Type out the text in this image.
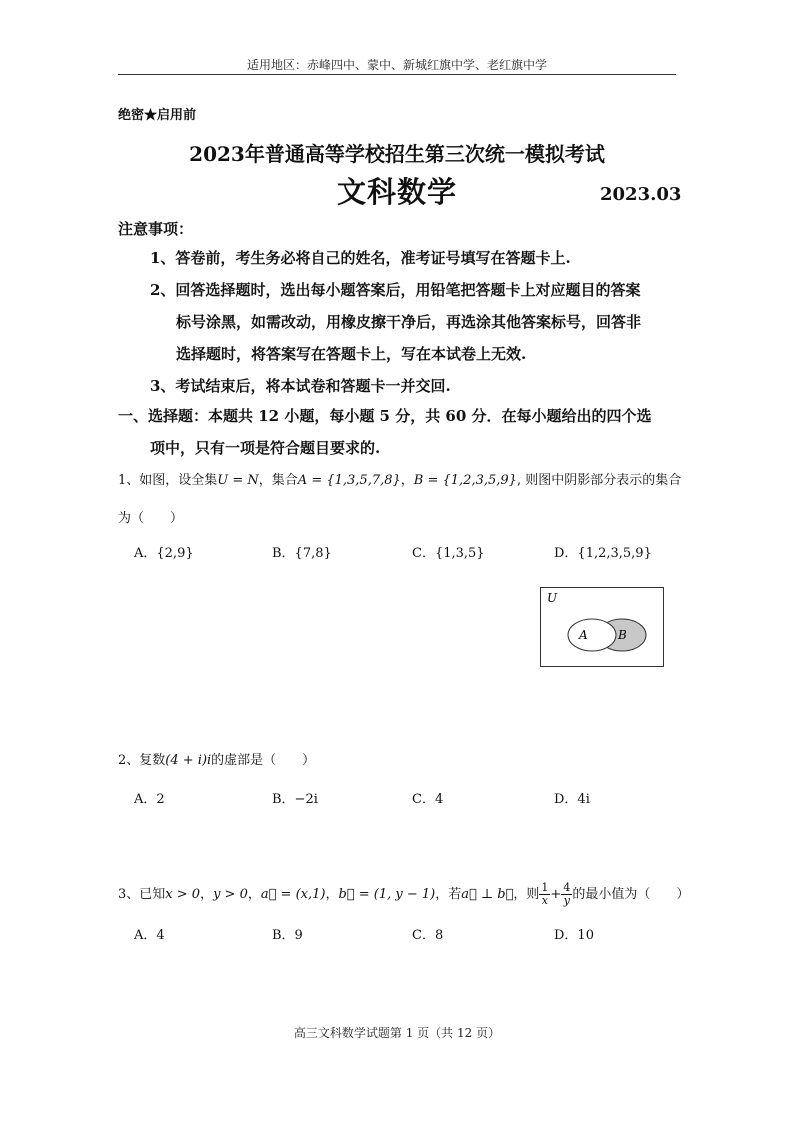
适用地区：赤峰四中、蒙中、新城红旗中学、老红旗中学
绝密★启用前
2023年普通高等学校招生第三次统一模拟考试
文科数学	2023.03
注意事项：
1、答卷前，考生务必将自己的姓名，准考证号填写在答题卡上.
2、回答选择题时，选出每小题答案后，用铅笔把答题卡上对应题目的答案
标号涂黑，如需改动，用橡皮擦干净后，再选涂其他答案标号，回答非
选择题时，将答案写在答题卡上，写在本试卷上无效.
3、考试结束后，将本试卷和答题卡一并交回.
一、选择题：本题共 12 小题，每小题 5 分，共 60 分．在每小题给出的四个选
项中，只有一项是符合题目要求的.
1、如图，设全集U = N，集合A = {1,3,5,7,8}，B = {1,2,3,5,9}, 则图中阴影部分表示的集合
为（　　）
A．{2,9}	B．{7,8}	C．{1,3,5}	D．{1,2,3,5,9}
U
A	B
2、复数(4 + i)i的虚部是（　　）
A．2	B．−2i	C．4	D．4i
3、已知x > 0，y > 0，a⃗ = (x,1)，b⃗ = (1, y − 1)，若a⃗ ⊥ b⃗，则 $\frac{1}{x} + \frac{4}{y}$ 的最小值为（　　）
A．4	B．9	C．8	D．10
高三文科数学试题第 1 页（共 12 页）
